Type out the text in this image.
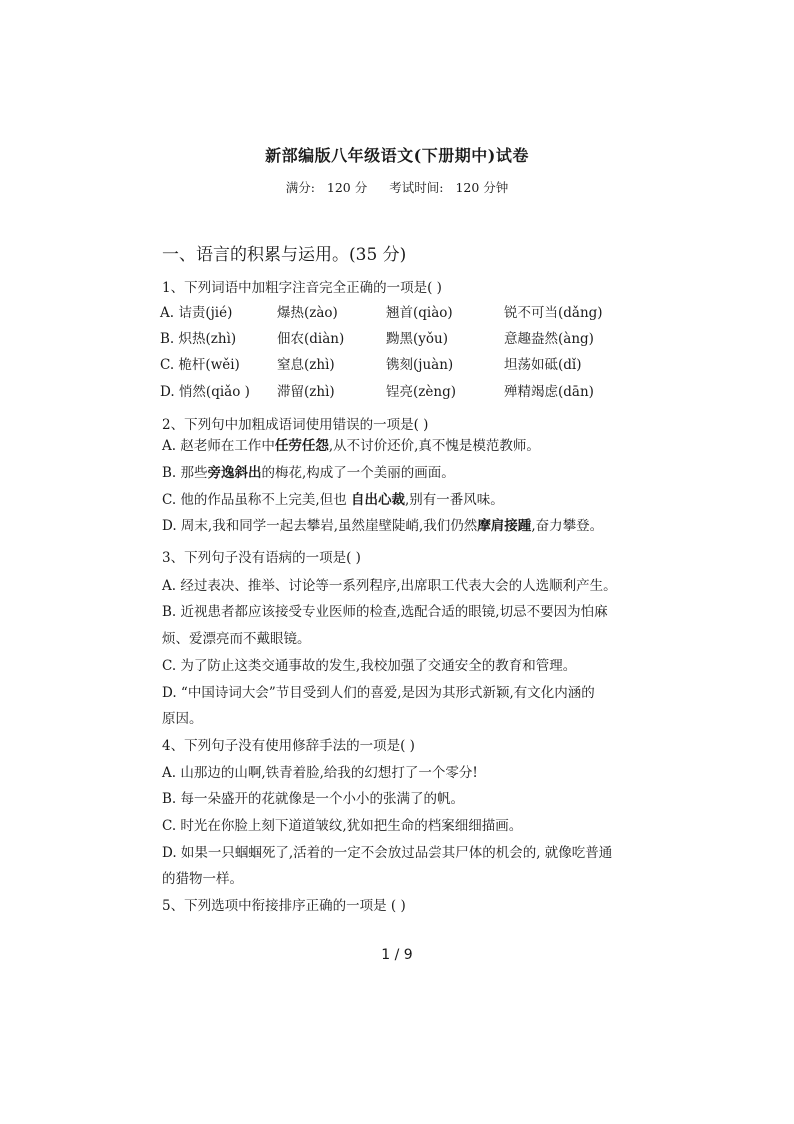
新部编版八年级语文(下册期中)试卷
满分: 120 分 考试时间: 120 分钟
一、语言的积累与运用。(35 分)
1、下列词语中加粗字注音完全正确的一项是( )
A. 诘责(jié)	爆热(zào)	翘首(qiào)	锐不可当(dǎng)
B. 炽热(zhì)	佃农(diàn)	黝黑(yǒu)	意趣盎然(àng)
C. 桅杆(wěi)	窒息(zhì)	镌刻(juàn)	坦荡如砥(dǐ)
D. 悄然(qiǎo ) 滞留(zhì)	锃亮(zèng)	殚精竭虑(dān)
2、下列句中加粗成语词使用错误的一项是( )
A. 赵老师在工作中任劳任怨,从不讨价还价,真不愧是模范教师。
B. 那些旁逸斜出的梅花,构成了一个美丽的画面。
C. 他的作品虽称不上完美,但也 自出心裁,别有一番风味。
D. 周末,我和同学一起去攀岩,虽然崖壁陡峭,我们仍然摩肩接踵,奋力攀登。
3、下列句子没有语病的一项是( )
A. 经过表决、推举、讨论等一系列程序,出席职工代表大会的人选顺利产生。
B. 近视患者都应该接受专业医师的检查,选配合适的眼镜,切忌不要因为怕麻
烦、爱漂亮而不戴眼镜。
C. 为了防止这类交通事故的发生,我校加强了交通安全的教育和管理。
D. “中国诗词大会”节目受到人们的喜爱,是因为其形式新颖,有文化内涵的
原因。
4、下列句子没有使用修辞手法的一项是( )
A. 山那边的山啊,铁青着脸,给我的幻想打了一个零分!
B. 每一朵盛开的花就像是一个小小的张满了的帆。
C. 时光在你脸上刻下道道皱纹,犹如把生命的档案细细描画。
D. 如果一只蝈蝈死了,活着的一定不会放过品尝其尸体的机会的, 就像吃普通
的猎物一样。
5、下列选项中衔接排序正确的一项是 ( )
1 / 9
